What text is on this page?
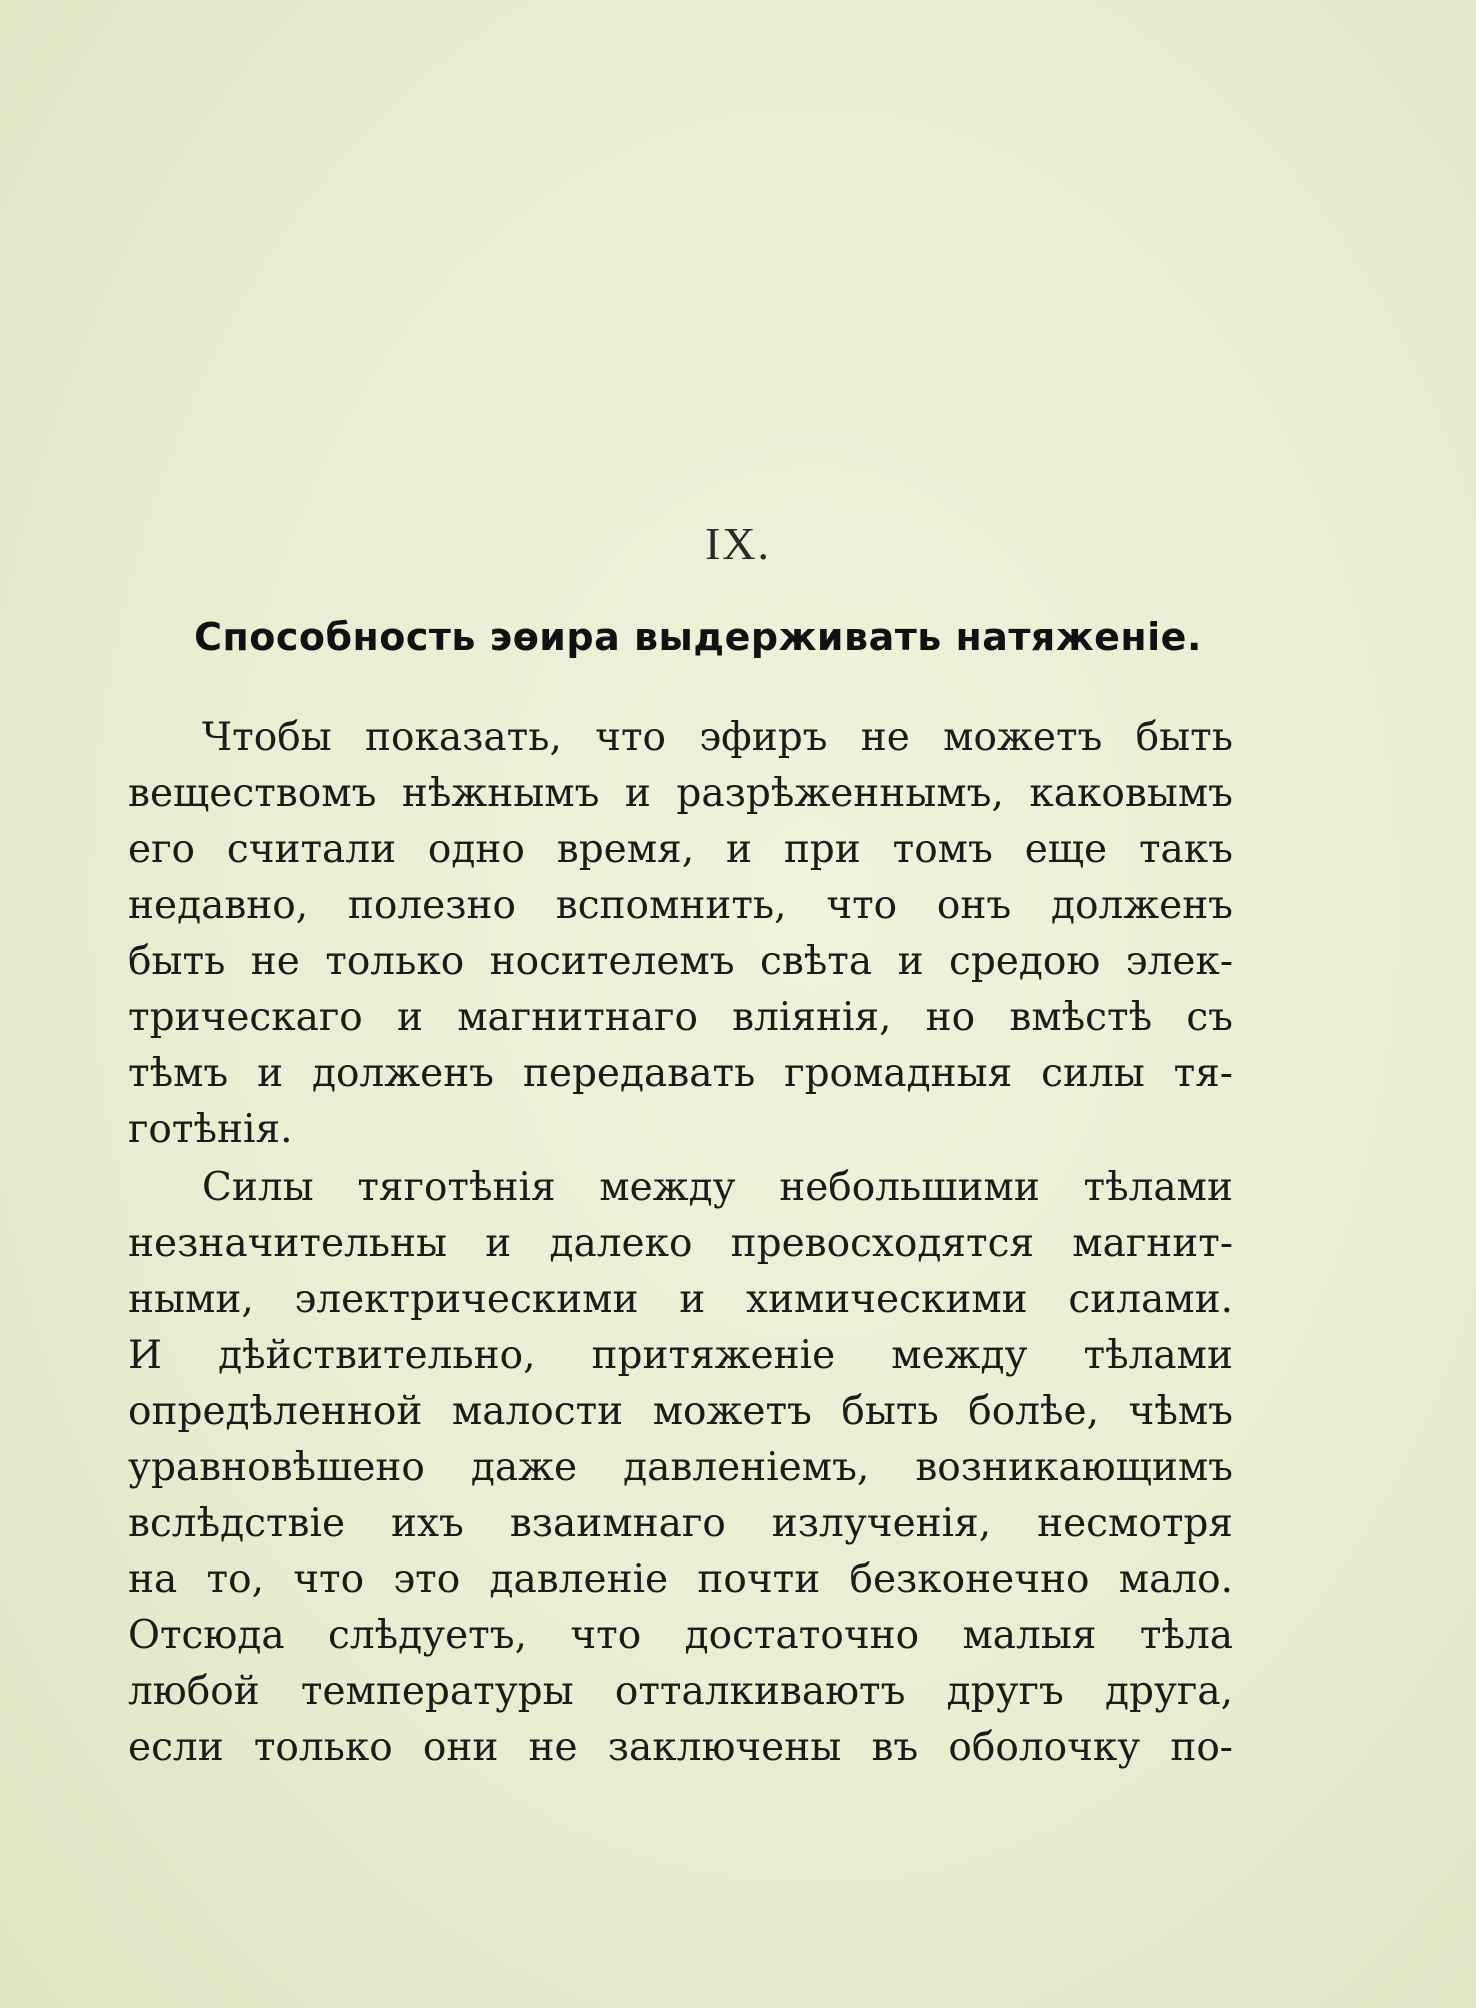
IX.
Способность эөира выдерживать натяженіе.
Чтобы показать, что эфиръ не можетъ быть
веществомъ нѣжнымъ и разрѣженнымъ, каковымъ
его считали одно время, и при томъ еще такъ
недавно, полезно вспомнить, что онъ долженъ
быть не только носителемъ свѣта и средою элек-
трическаго и магнитнаго вліянія, но вмѣстѣ съ
тѣмъ и долженъ передавать громадныя силы тя-
готѣнія.
Силы тяготѣнія между небольшими тѣлами
незначительны и далеко превосходятся магнит-
ными, электрическими и химическими силами.
И дѣйствительно, притяженіе между тѣлами
опредѣленной малости можетъ быть болѣе, чѣмъ
уравновѣшено даже давленіемъ, возникающимъ
вслѣдствіе ихъ взаимнаго излученія, несмотря
на то, что это давленіе почти безконечно мало.
Отсюда слѣдуетъ, что достаточно малыя тѣла
любой температуры отталкиваютъ другъ друга,
если только они не заключены въ оболочку по-
